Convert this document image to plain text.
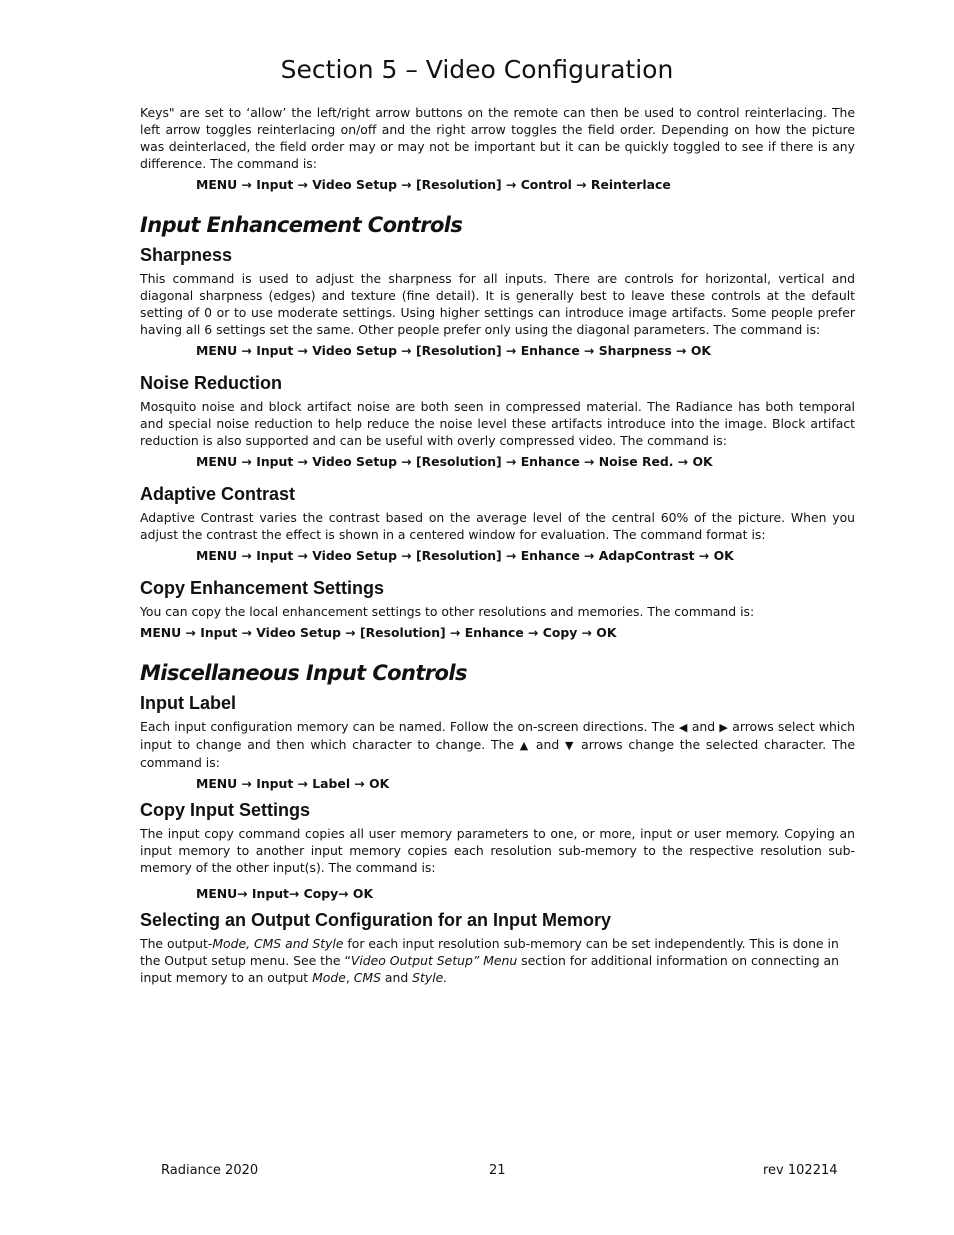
Section 5 – Video Configuration

Keys" are set to ‘allow’ the left/right arrow buttons on the remote can then be used to control reinterlacing. The left arrow toggles reinterlacing on/off and the right arrow toggles the field order. Depending on how the picture was deinterlaced, the field order may or may not be important but it can be quickly toggled to see if there is any difference. The command is:

MENU → Input → Video Setup → [Resolution] → Control → Reinterlace
Input Enhancement Controls
Sharpness

This command is used to adjust the sharpness for all inputs. There are controls for horizontal, vertical and diagonal sharpness (edges) and texture (fine detail). It is generally best to leave these controls at the default setting of 0 or to use moderate settings. Using higher settings can introduce image artifacts. Some people prefer having all 6 settings set the same. Other people prefer only using the diagonal parameters. The command is:

MENU → Input → Video Setup → [Resolution] → Enhance → Sharpness → OK
Noise Reduction

Mosquito noise and block artifact noise are both seen in compressed material. The Radiance has both temporal and special noise reduction to help reduce the noise level these artifacts introduce into the image. Block artifact reduction is also supported and can be useful with overly compressed video. The command is:

MENU → Input → Video Setup → [Resolution] → Enhance → Noise Red. → OK
Adaptive Contrast

Adaptive Contrast varies the contrast based on the average level of the central 60% of the picture. When you adjust the contrast the effect is shown in a centered window for evaluation. The command format is:

MENU → Input → Video Setup → [Resolution] → Enhance → AdapContrast → OK
Copy Enhancement Settings

You can copy the local enhancement settings to other resolutions and memories. The command is:

MENU → Input → Video Setup → [Resolution] → Enhance → Copy → OK
Miscellaneous Input Controls
Input Label

Each input configuration memory can be named. Follow the on-screen directions. The ◀ and ▶ arrows select which input to change and then which character to change. The ▲ and ▼ arrows change the selected character. The command is:

MENU → Input → Label → OK
Copy Input Settings

The input copy command copies all user memory parameters to one, or more, input or user memory. Copying an input memory to another input memory copies each resolution sub-memory to the respective resolution sub-memory of the other input(s). The command is:

MENU→ Input→ Copy→ OK
Selecting an Output Configuration for an Input Memory

The output-Mode, CMS and Style for each input resolution sub-memory can be set independently. This is done in the Output setup menu. See the “Video Output Setup” Menu section for additional information on connecting an input memory to an output Mode, CMS and Style.

Radiance 2020	21	rev 102214
